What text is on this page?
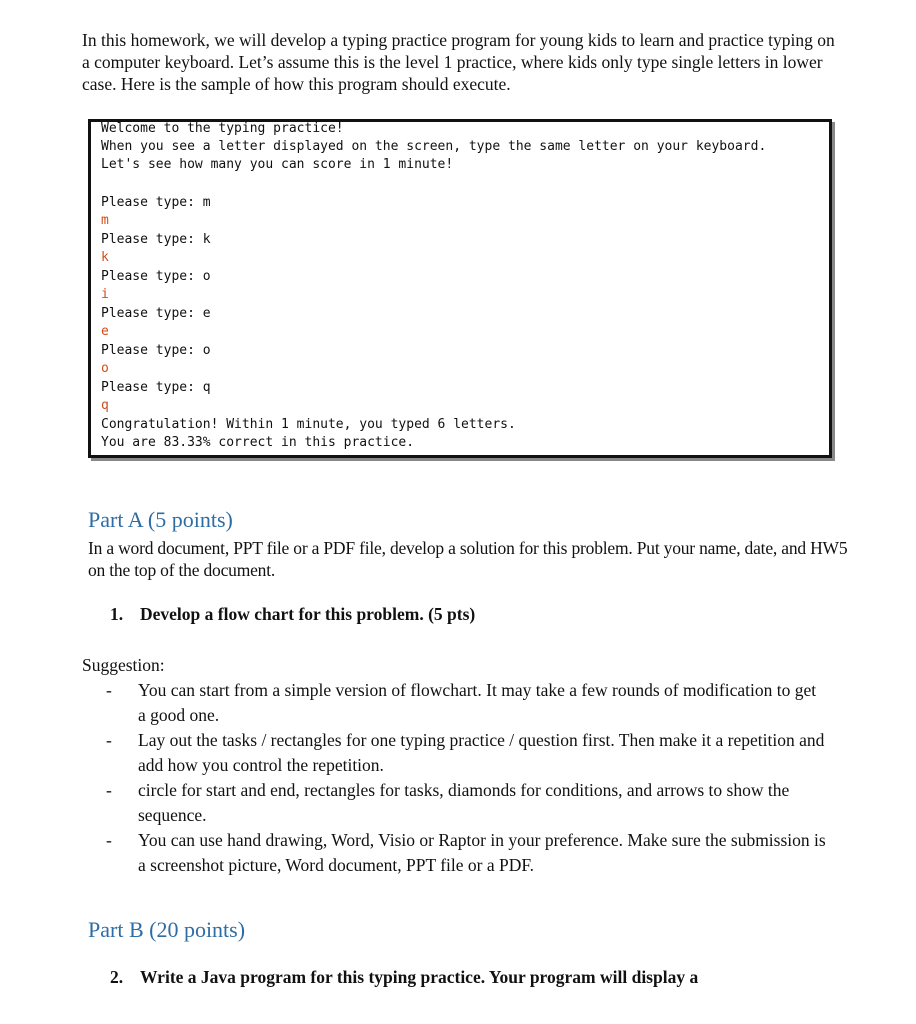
In this homework, we will develop a typing practice program for young kids to learn and practice typing on a computer keyboard. Let’s assume this is the level 1 practice, where kids only type single letters in lower case. Here is the sample of how this program should execute.
Welcome to the typing practice!
When you see a letter displayed on the screen, type the same letter on your keyboard.
Let's see how many you can score in 1 minute!
Please type: m
m
Please type: k
k
Please type: o
i
Please type: e
e
Please type: o
o
Please type: q
q
Congratulation! Within 1 minute, you typed 6 letters.
You are 83.33% correct in this practice.
Part A (5 points)
In a word document, PPT file or a PDF file, develop a solution for this problem. Put your name, date, and HW5 on the top of the document.
1. Develop a flow chart for this problem. (5 pts)
Suggestion:
- You can start from a simple version of flowchart. It may take a few rounds of modification to get a good one.
- Lay out the tasks / rectangles for one typing practice / question first. Then make it a repetition and add how you control the repetition.
- circle for start and end, rectangles for tasks, diamonds for conditions, and arrows to show the sequence.
- You can use hand drawing, Word, Visio or Raptor in your preference. Make sure the submission is a screenshot picture, Word document, PPT file or a PDF.
Part B (20 points)
2. Write a Java program for this typing practice. Your program will display a
